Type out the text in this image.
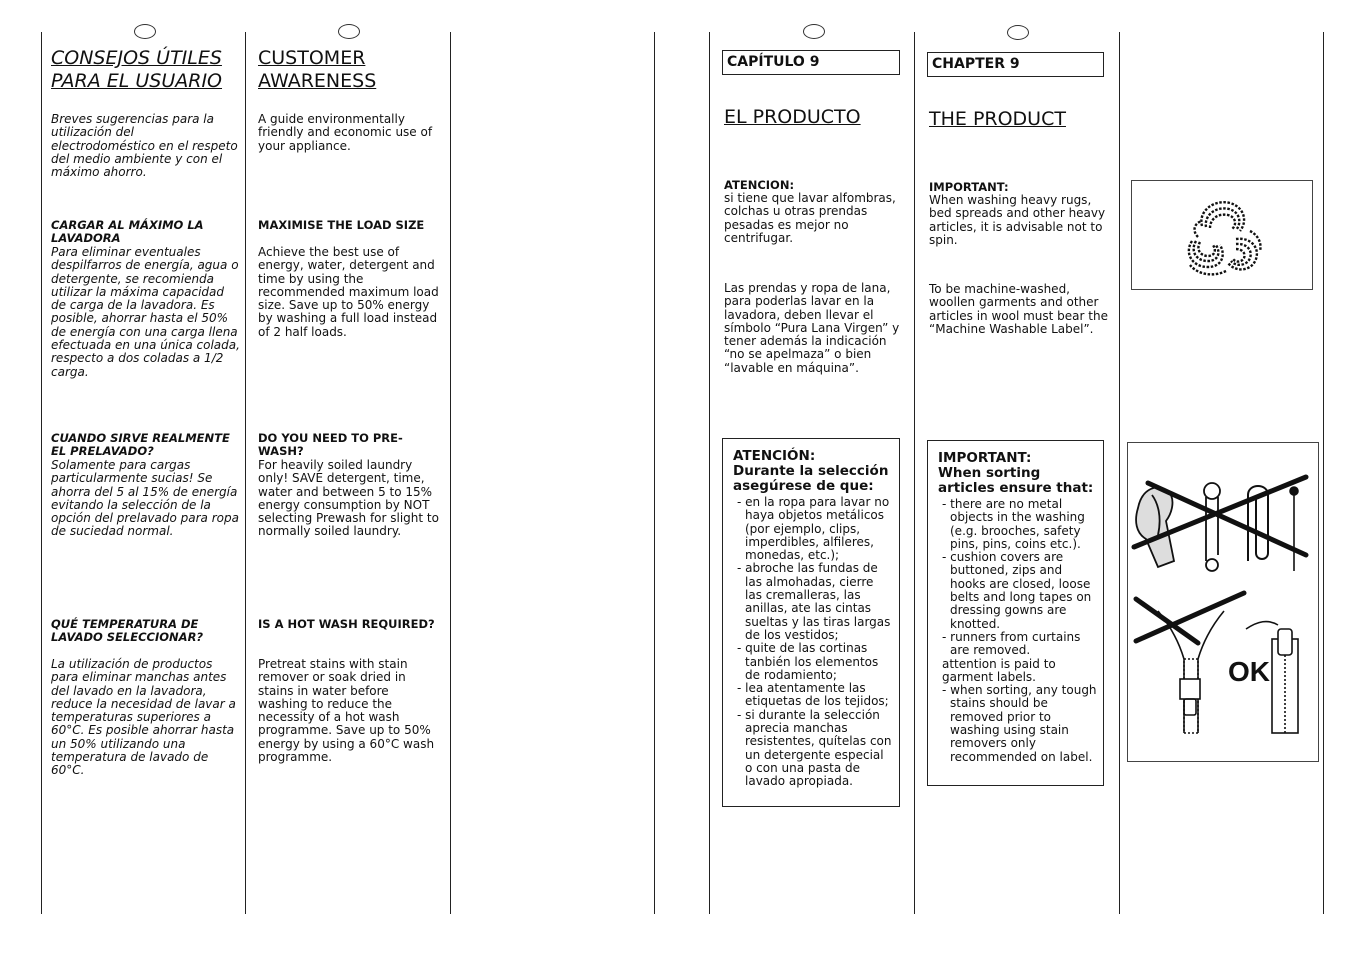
CONSEJOS ÚTILES
PARA EL USUARIO
Breves sugerencias para la utilización del electrodoméstico en el respeto del medio ambiente y con el máximo ahorro.
CARGAR AL MÁXIMO LA LAVADORA
Para eliminar eventuales despilfarros de energía, agua o detergente, se recomienda utilizar la máxima capacidad de carga de la lavadora. Es posible, ahorrar hasta el 50% de energía con una carga llena efectuada en una única colada, respecto a dos coladas a 1/2 carga.
CUANDO SIRVE REALMENTE EL PRELAVADO?
Solamente para cargas particularmente sucias! Se ahorra del 5 al 15% de energía evitando la selección de la opción del prelavado para ropa de suciedad normal.
QUÉ TEMPERATURA DE LAVADO SELECCIONAR?
La utilización de productos para eliminar manchas antes del lavado en la lavadora, reduce la necesidad de lavar a temperaturas superiores a 60°C. Es posible ahorrar hasta un 50% utilizando una temperatura de lavado de 60°C.
CUSTOMER
AWARENESS
A guide environmentally friendly and economic use of your appliance.
MAXIMISE THE LOAD SIZE
Achieve the best use of energy, water, detergent and time by using the recommended maximum load size. Save up to 50% energy by washing a full load instead of 2 half loads.
DO YOU NEED TO PRE-WASH?
For heavily soiled laundry only! SAVE detergent, time, water and between 5 to 15% energy consumption by NOT selecting Prewash for slight to normally soiled laundry.
IS A HOT WASH REQUIRED?
Pretreat stains with stain remover or soak dried in stains in water before washing to reduce the necessity of a hot wash programme. Save up to 50% energy by using a 60°C wash programme.
CAPÍTULO 9
EL PRODUCTO
ATENCION:
si tiene que lavar alfombras, colchas u otras prendas pesadas es mejor no centrifugar.
Las prendas y ropa de lana, para poderlas lavar en la lavadora, deben llevar el símbolo “Pura Lana Virgen” y tener además la indicación “no se apelmaza” o bien “lavable en máquina”.
ATENCIÓN:
Durante la selección asegúrese de que:
- en la ropa para lavar no haya objetos metálicos (por ejemplo, clips, imperdibles, alfileres, monedas, etc.);
- abroche las fundas de las almohadas, cierre las cremalleras, las anillas, ate las cintas sueltas y las tiras largas de los vestidos;
- quite de las cortinas tanbién los elementos de rodamiento;
- lea atentamente las etiquetas de los tejidos;
- si durante la selección aprecia manchas resistentes, quítelas con un detergente especial o con una pasta de lavado apropiada.
CHAPTER 9
THE PRODUCT
IMPORTANT:
When washing heavy rugs, bed spreads and other heavy articles, it is advisable not to spin.
To be machine-washed, woollen garments and other articles in wool must bear the “Machine Washable Label”.
IMPORTANT:
When sorting articles ensure that:
- there are no metal objects in the washing (e.g. brooches, safety pins, pins, coins etc.).
- cushion covers are buttoned, zips and hooks are closed, loose belts and long tapes on dressing gowns are knotted.
- runners from curtains are removed.
attention is paid to garment labels.
- when sorting, any tough stains should be removed prior to washing using stain removers only recommended on label.
OK
